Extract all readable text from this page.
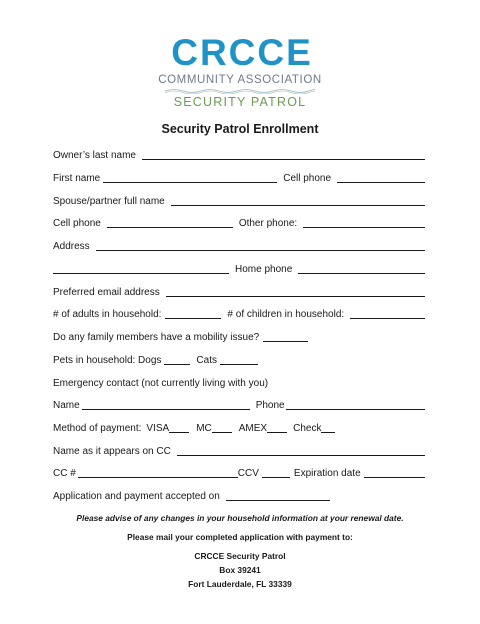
CRCCE
COMMUNITY ASSOCIATION
SECURITY PATROL
Security Patrol Enrollment
Owner’s last name
First name	Cell phone
Spouse/partner full name
Cell phone	Other phone:
Address
Home phone
Preferred email address
# of adults in household:	# of children in household:
Do any family members have a mobility issue?
Pets in household: Dogs	Cats
Emergency contact (not currently living with you)
Name	Phone
Method of payment: VISA	MC	AMEX	Check
Name as it appears on CC
CC #	CCV	Expiration date
Application and payment accepted on
Please advise of any changes in your household information at your renewal date.
Please mail your completed application with payment to:
CRCCE Security Patrol
Box 39241
Fort Lauderdale, FL 33339
